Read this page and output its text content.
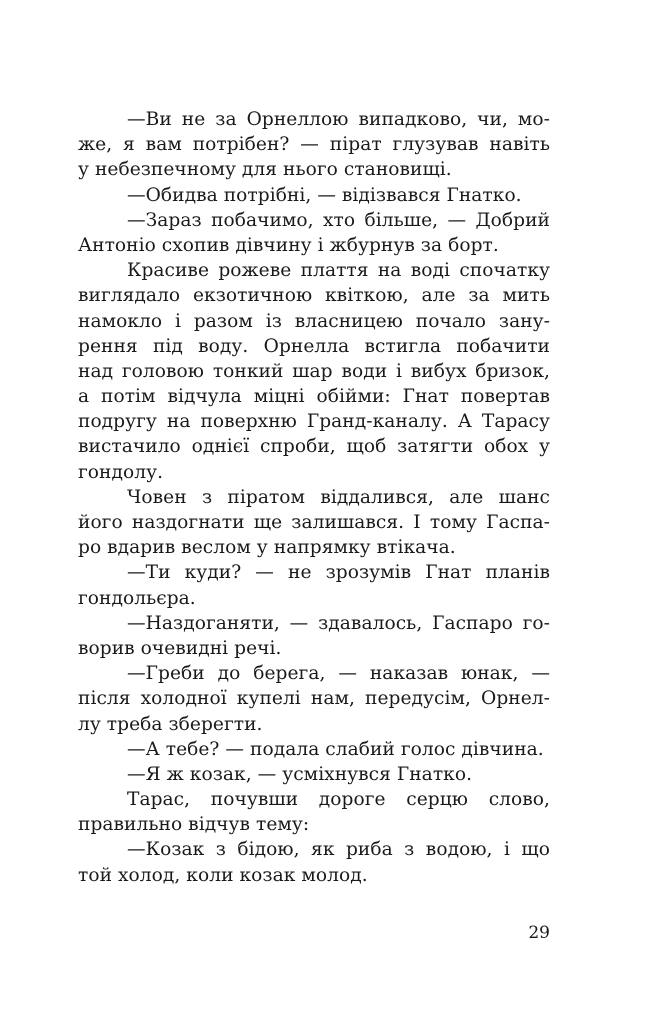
—Ви не за Орнеллою випадково, чи, мо-
же, я вам потрібен? — пірат глузував навіть
у небезпечному для нього становищі.
—Обидва потрібні, — відізвався Гнатко.
—Зараз побачимо, хто більше, — Добрий
Антоніо схопив дівчину і жбурнув за борт.
Красиве рожеве плаття на воді спочатку
виглядало екзотичною квіткою, але за мить
намокло і разом із власницею почало зану-
рення під воду. Орнелла встигла побачити
над головою тонкий шар води і вибух бризок,
а потім відчула міцні обійми: Гнат повертав
подругу на поверхню Гранд-каналу. А Тарасу
вистачило однієї спроби, щоб затягти обох у
гондолу.
Човен з піратом віддалився, але шанс
його наздогнати ще залишався. І тому Гаспа-
ро вдарив веслом у напрямку втікача.
—Ти куди? — не зрозумів Гнат планів
гондольєра.
—Наздоганяти, — здавалось, Гаспаро го-
ворив очевидні речі.
—Греби до берега, — наказав юнак, —
після холодної купелі нам, передусім, Орнел-
лу треба зберегти.
—А тебе? — подала слабий голос дівчина.
—Я ж козак, — усміхнувся Гнатко.
Тарас, почувши дороге серцю слово,
правильно відчув тему:
—Козак з бідою, як риба з водою, і що
той холод, коли козак молод.
29
